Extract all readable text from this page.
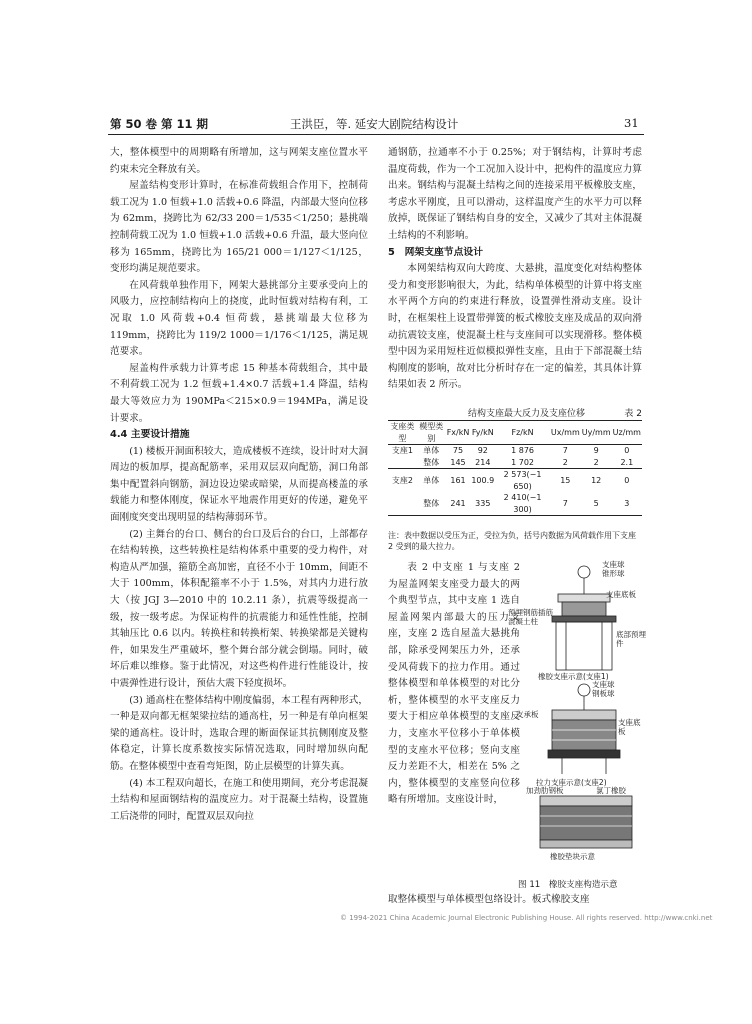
第 50 卷 第 11 期	王洪臣，等. 延安大剧院结构设计	31

大，整体模型中的周期略有所增加，这与网架支座位置水平约束未完全释放有关。

屋盖结构变形计算时，在标准荷载组合作用下，控制荷载工况为 1.0 恒载+1.0 活载+0.6 降温，内部最大竖向位移为 62mm，挠跨比为 62/33 200＝1/535＜1/250；悬挑端控制荷载工况为 1.0 恒载+1.0 活载+0.6 升温，最大竖向位移为 165mm，挠跨比为 165/21 000＝1/127＜1/125，变形均满足规范要求。

在风荷载单独作用下，网架大悬挑部分主要承受向上的风吸力，应控制结构向上的挠度，此时恒载对结构有利，工况取 1.0 风荷载+0.4 恒荷载，悬挑端最大位移为 119mm，挠跨比为 119/2 1000＝1/176＜1/125，满足规范要求。

屋盖构件承载力计算考虑 15 种基本荷载组合，其中最不利荷载工况为 1.2 恒载+1.4×0.7 活载+1.4 降温，结构最大等效应力为 190MPa＜215×0.9＝194MPa，满足设计要求。

4.4 主要设计措施

(1) 楼板开洞面积较大，造成楼板不连续，设计时对大洞周边的板加厚，提高配筋率，采用双层双向配筋，洞口角部集中配置斜向钢筋，洞边设边梁或暗梁，从而提高楼盖的承载能力和整体刚度，保证水平地震作用更好的传递，避免平面刚度突变出现明显的结构薄弱环节。

(2) 主舞台的台口、侧台的台口及后台的台口，上部都存在结构转换，这些转换柱是结构体系中重要的受力构件，对构造从严加强，箍筋全高加密，直径不小于 10mm，间距不大于 100mm，体积配箍率不小于 1.5%，对其内力进行放大（按 JGJ 3—2010 中的 10.2.11 条），抗震等级提高一级，按一级考虑。为保证构件的抗震能力和延性性能，控制其轴压比 0.6 以内。转换柱和转换桁架、转换梁都是关键构件，如果发生严重破坏，整个舞台部分就会倒塌。同时，破坏后难以维修。鉴于此情况，对这些构件进行性能设计，按中震弹性进行设计，预估大震下轻度损坏。

(3) 通高柱在整体结构中刚度偏弱，本工程有两种形式，一种是双向都无框架梁拉结的通高柱，另一种是有单向框架梁的通高柱。设计时，选取合理的断面保证其抗侧刚度及整体稳定，计算长度系数按实际情况选取，同时增加纵向配筋。在整体模型中查看弯矩图，防止层模型的计算失真。

(4) 本工程双向超长，在施工和使用期间，充分考虑混凝土结构和屋面钢结构的温度应力。对于混凝土结构，设置施工后浇带的同时，配置双层双向拉

通钢筋，拉通率不小于 0.25%；对于钢结构，计算时考虑温度荷载，作为一个工况加入设计中，把构件的温度应力算出来。钢结构与混凝土结构之间的连接采用平板橡胶支座，考虑水平刚度，且可以滑动，这样温度产生的水平力可以释放掉，既保证了钢结构自身的安全，又减少了其对主体混凝土结构的不利影响。

5　网架支座节点设计

本网架结构双向大跨度、大悬挑，温度变化对结构整体受力和变形影响很大，为此，结构单体模型的计算中将支座水平两个方向的约束进行释放，设置弹性滑动支座。设计时，在框架柱上设置带弹簧的板式橡胶支座及成品的双向滑动抗震铰支座，使混凝土柱与支座间可以实现滑移。整体模型中因为采用短柱近似模拟弹性支座，且由于下部混凝土结构刚度的影响，故对比分析时存在一定的偏差，其具体计算结果如表 2 所示。

结构支座最大反力及支座位移	表 2
支座类型	模型类别	Fx/kN	Fy/kN	Fz/kN	Ux/mm	Uy/mm	Uz/mm
支座1	单体	75	92	1 876	7	9	0
	整体	145	214	1 702	2	2	2.1
支座2	单体	161	100.9	2 573(−1 650)	15	12	0
	整体	241	335	2 410(−1 300)	7	5	3
注：表中数据以受压为正，受拉为负，括号内数据为风荷载作用下支座 2 受到的最大拉力。

表 2 中支座 1 与支座 2 为屋盖网架支座受力最大的两个典型节点，其中支座 1 选自屋盖网架内部最大的压力支座，支座 2 选自屋盖大悬挑角部，除承受网架压力外，还承受风荷载下的拉力作用。通过整体模型和单体模型的对比分析，整体模型的水平支座反力要大于相应单体模型的支座反力，支座水平位移小于单体模型的支座水平位移；竖向支座反力差距不大，相差在 5% 之内，整体模型的支座竖向位移略有所增加。支座设计时，

支座球
锥形球
支座底板
预埋钢筋插筋混凝土柱
底部预埋件
橡胶支座示意(支座1)
支座球
钢板球
支承板
支座底板
拉力支座示意(支座2)
加劲肋钢板	氯丁橡胶
橡胶垫块示意
图 11　橡胶支座构造示意

取整体模型与单体模型包络设计。板式橡胶支座

© 1994-2021 China Academic Journal Electronic Publishing House. All rights reserved. http://www.cnki.net
